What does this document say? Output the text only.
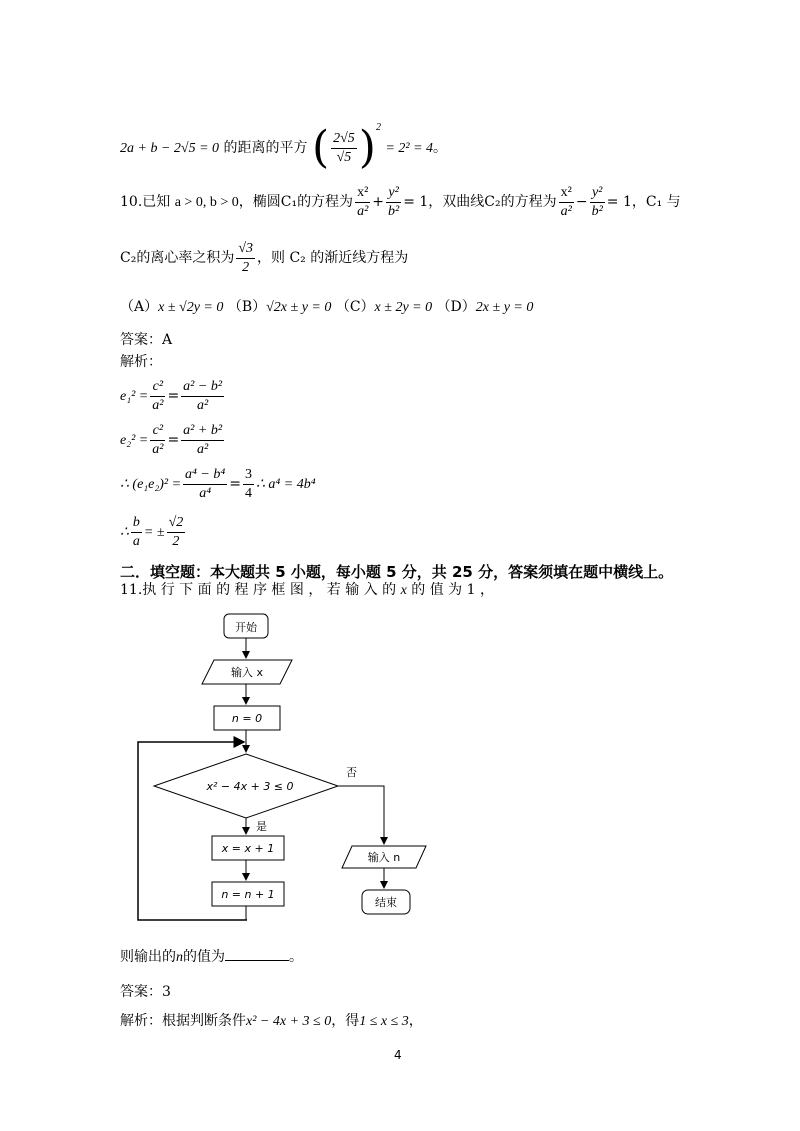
2a + b − 2√5 = 0 的距离的平方 ( $\frac{2√5}{√5} )^2 = 2^2 = 4$。
10.已知 a > 0, b > 0，椭圆C₁的方程为 $\frac{\text{x²}}{\text{a²}} + \frac{\text{y²}}{\text{b²}} = 1$，双曲线C₂的方程为 $\frac{\text{x²}}{\text{a²}} - \frac{\text{y²}}{\text{b²}} = 1$，C₁ 与
C₂的离心率之积为 $\frac{√3}{2}$ ，则 C₂ 的渐近线方程为
（A）x ± √2y = 0 （B）√2x ± y = 0 （C）x ± 2y = 0 （D）2x ± y = 0
答案：A
解析：
$e_1^2 = \frac{\text{c²}}{\text{a²}} = \frac{\text{a² − b²}}{\text{a²}}$
$e_2^2 = \frac{\text{c²}}{\text{a²}} = \frac{\text{a² + b²}}{\text{a²}}$
∴ $(e_1e_2)^2 = \frac{\text{a⁴ − b⁴}}{\text{a⁴}} = \frac{3}{4}$ ∴ a⁴ = 4b⁴
∴ $\frac{b}{a}$ = ± $\frac{√2}{2}$
二．填空题：本大题共 5 小题，每小题 5 分，共 25 分，答案须填在题中横线上。
11.执 行 下 面 的 程 序 框 图 ， 若 输 入 的 x 的 值 为 1 ，
开始
输入 x
n = 0
x² − 4x + 3 ≤ 0
否
是
x = x + 1
n = n + 1
输入 n
结束
则输出的n的值为	。
答案：3
解析：根据判断条件x² − 4x + 3 ≤ 0，得1 ≤ x ≤ 3，
4
